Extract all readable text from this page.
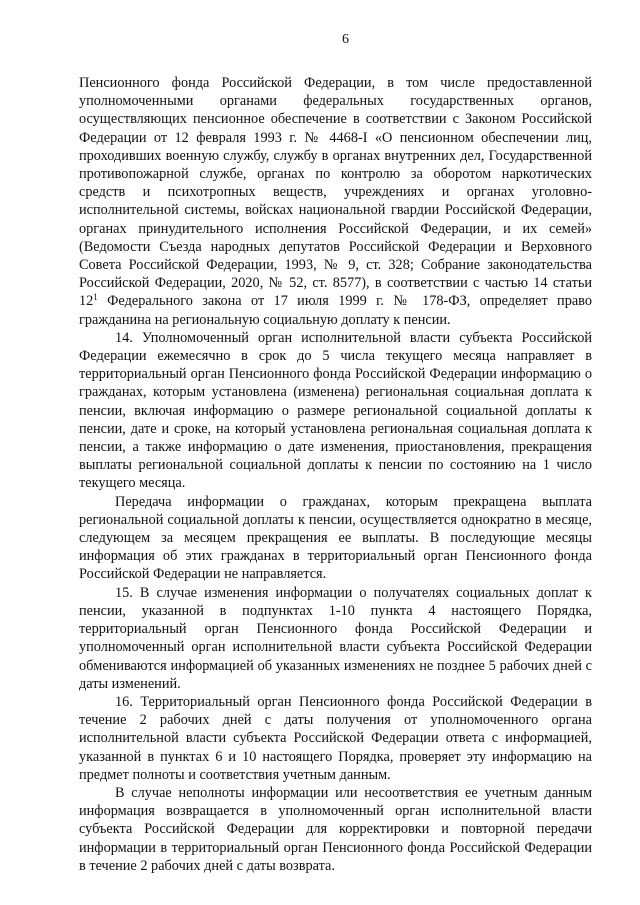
6

Пенсионного фонда Российской Федерации, в том числе предоставленной уполномоченными органами федеральных государственных органов, осуществляющих пенсионное обеспечение в соответствии с Законом Российской Федерации от 12 февраля 1993 г. № 4468-I «О пенсионном обеспечении лиц, проходивших военную службу, службу в органах внутренних дел, Государственной противопожарной службе, органах по контролю за оборотом наркотических средств и психотропных веществ, учреждениях и органах уголовно-исполнительной системы, войсках национальной гвардии Российской Федерации, органах принудительного исполнения Российской Федерации, и их семей» (Ведомости Съезда народных депутатов Российской Федерации и Верховного Совета Российской Федерации, 1993, № 9, ст. 328; Собрание законодательства Российской Федерации, 2020, № 52, ст. 8577), в соответствии с частью 14 статьи $12^1$ Федерального закона от 17 июля 1999 г. № 178-ФЗ, определяет право гражданина на региональную социальную доплату к пенсии.

14. Уполномоченный орган исполнительной власти субъекта Российской Федерации ежемесячно в срок до 5 числа текущего месяца направляет в территориальный орган Пенсионного фонда Российской Федерации информацию о гражданах, которым установлена (изменена) региональная социальная доплата к пенсии, включая информацию о размере региональной социальной доплаты к пенсии, дате и сроке, на который установлена региональная социальная доплата к пенсии, а также информацию о дате изменения, приостановления, прекращения выплаты региональной социальной доплаты к пенсии по состоянию на 1 число текущего месяца.

Передача информации о гражданах, которым прекращена выплата региональной социальной доплаты к пенсии, осуществляется однократно в месяце, следующем за месяцем прекращения ее выплаты. В последующие месяцы информация об этих гражданах в территориальный орган Пенсионного фонда Российской Федерации не направляется.

15. В случае изменения информации о получателях социальных доплат к пенсии, указанной в подпунктах 1-10 пункта 4 настоящего Порядка, территориальный орган Пенсионного фонда Российской Федерации и уполномоченный орган исполнительной власти субъекта Российской Федерации обмениваются информацией об указанных изменениях не позднее 5 рабочих дней с даты изменений.

16. Территориальный орган Пенсионного фонда Российской Федерации в течение 2 рабочих дней с даты получения от уполномоченного органа исполнительной власти субъекта Российской Федерации ответа с информацией, указанной в пунктах 6 и 10 настоящего Порядка, проверяет эту информацию на предмет полноты и соответствия учетным данным.

В случае неполноты информации или несоответствия ее учетным данным информация возвращается в уполномоченный орган исполнительной власти субъекта Российской Федерации для корректировки и повторной передачи информации в территориальный орган Пенсионного фонда Российской Федерации в течение 2 рабочих дней с даты возврата.
